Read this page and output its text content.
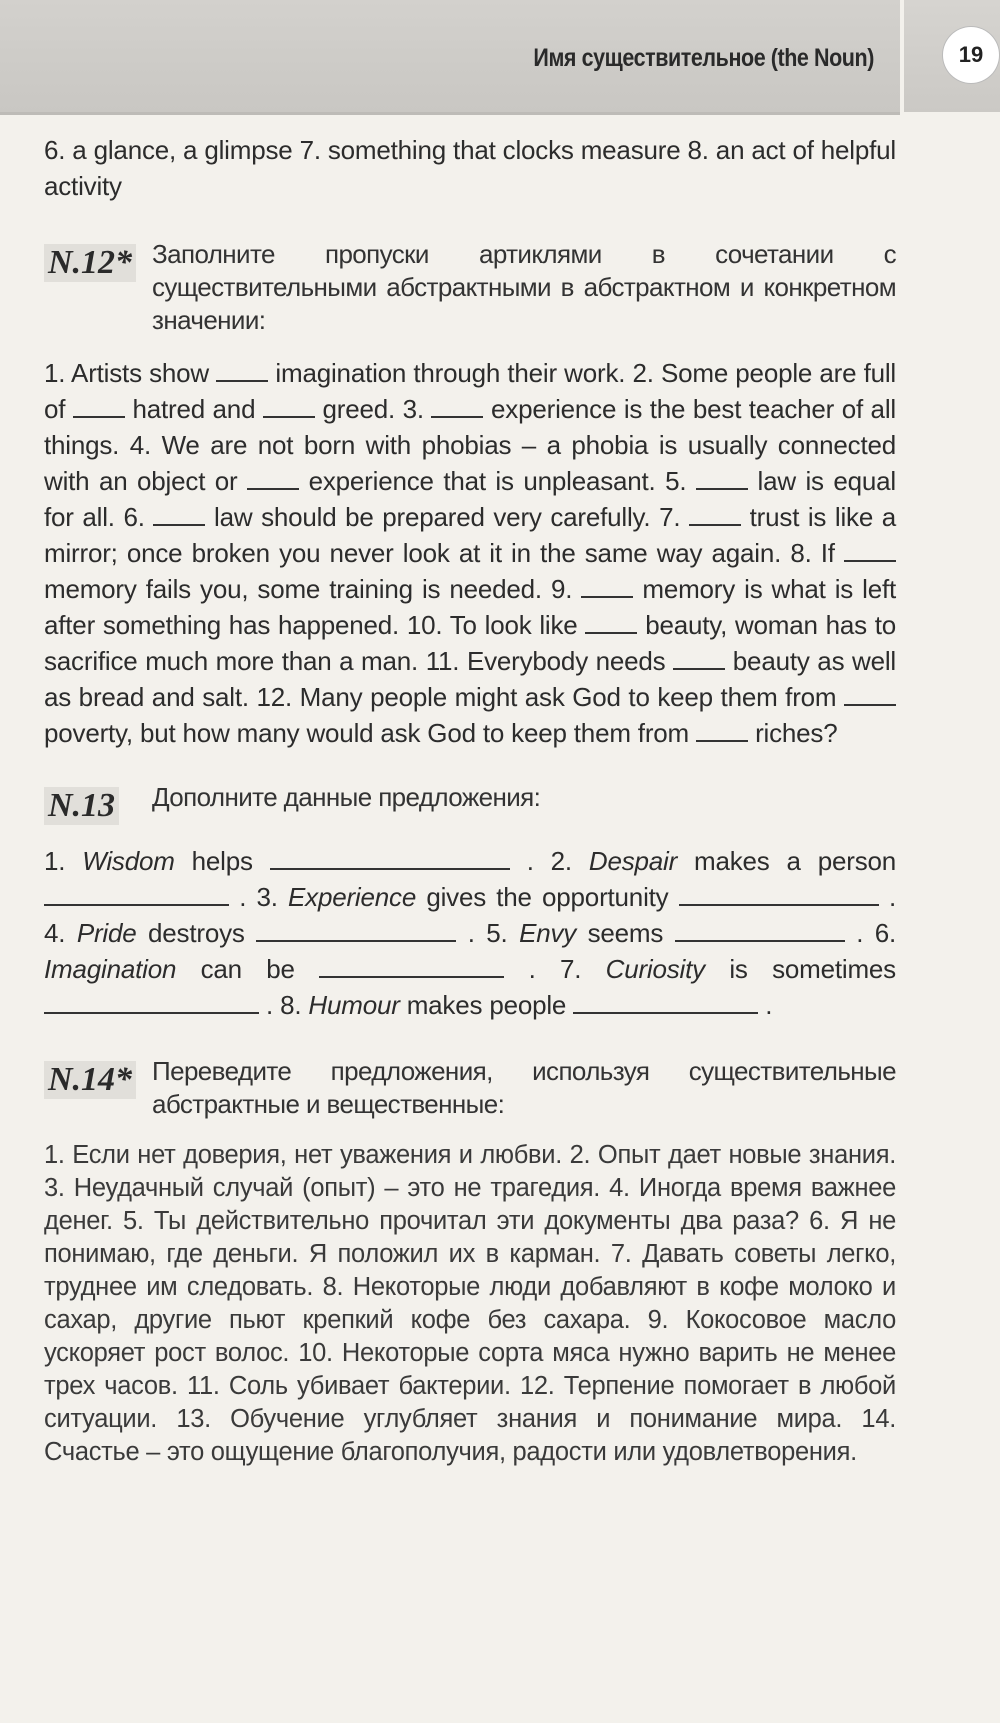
Имя существительное (the Noun)	19

6. a glance, a glimpse 7. something that clocks measure 8. an act of helpful activity

N.12* Заполните пропуски артиклями в сочетании с существительными абстрактными в абстрактном и конкретном значении:

1. Artists show	imagination through their work. 2. Some people are full of	hatred and	greed. 3.	experience is the best teacher of all things. 4. We are not born with phobias – a phobia is usually connected with an object or	experience that is unpleasant. 5.	law is equal for all. 6.	law should be prepared very carefully. 7.	trust is like a mirror; once broken you never look at it in the same way again. 8. If  memory fails you, some training is needed. 9.	memory is what is left after something has happened. 10. To look like	beauty, woman has to sacrifice much more than a man. 11. Everybody needs	beauty as well as bread and salt. 12. Many people might ask God to keep them from  poverty, but how many would ask God to keep them from	riches?

N.13	Дополните данные предложения:

1. Wisdom helps	. 2. Despair makes a person  . 3. Experience gives the opportunity	. 4. Pride destroys	. 5. Envy seems	. 6. Imagination can be	. 7. Curiosity is sometimes  . 8. Humour makes people	.

N.14* Переведите предложения, используя существительные абстрактные и вещественные:

1. Если нет доверия, нет уважения и любви. 2. Опыт дает новые знания. 3. Неудачный случай (опыт) – это не трагедия. 4. Иногда время важнее денег. 5. Ты действительно прочитал эти документы два раза? 6. Я не понимаю, где деньги. Я положил их в карман. 7. Давать советы легко, труднее им следовать. 8. Некоторые люди добавляют в кофе молоко и сахар, другие пьют крепкий кофе без сахара. 9. Кокосовое масло ускоряет рост волос. 10. Некоторые сорта мяса нужно варить не менее трех часов. 11. Соль убивает бактерии. 12. Терпение помогает в любой ситуации. 13. Обучение углубляет знания и понимание мира. 14. Счастье – это ощущение благополучия, радости или удовлетворения.
